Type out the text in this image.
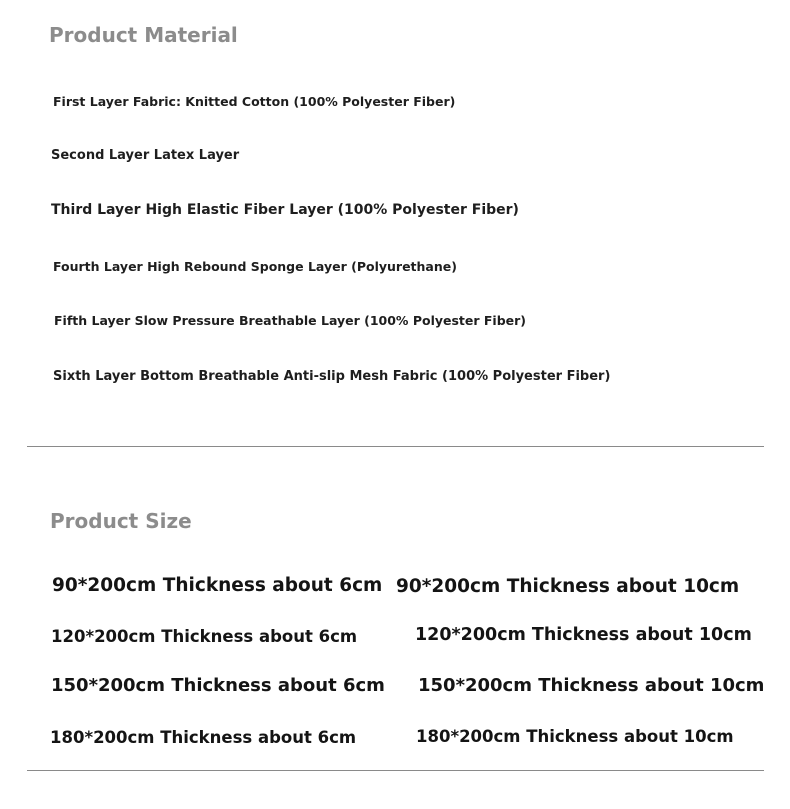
Product Material
First Layer Fabric: Knitted Cotton (100% Polyester Fiber)
Second Layer Latex Layer
Third Layer High Elastic Fiber Layer (100% Polyester Fiber)
Fourth Layer High Rebound Sponge Layer (Polyurethane)
Fifth Layer Slow Pressure Breathable Layer (100% Polyester Fiber)
Sixth Layer Bottom Breathable Anti-slip Mesh Fabric (100% Polyester Fiber)
Product Size
90*200cm Thickness about 6cm 90*200cm Thickness about 10cm
120*200cm Thickness about 6cm	120*200cm Thickness about 10cm
150*200cm Thickness about 6cm 150*200cm Thickness about 10cm
180*200cm Thickness about 6cm	180*200cm Thickness about 10cm
